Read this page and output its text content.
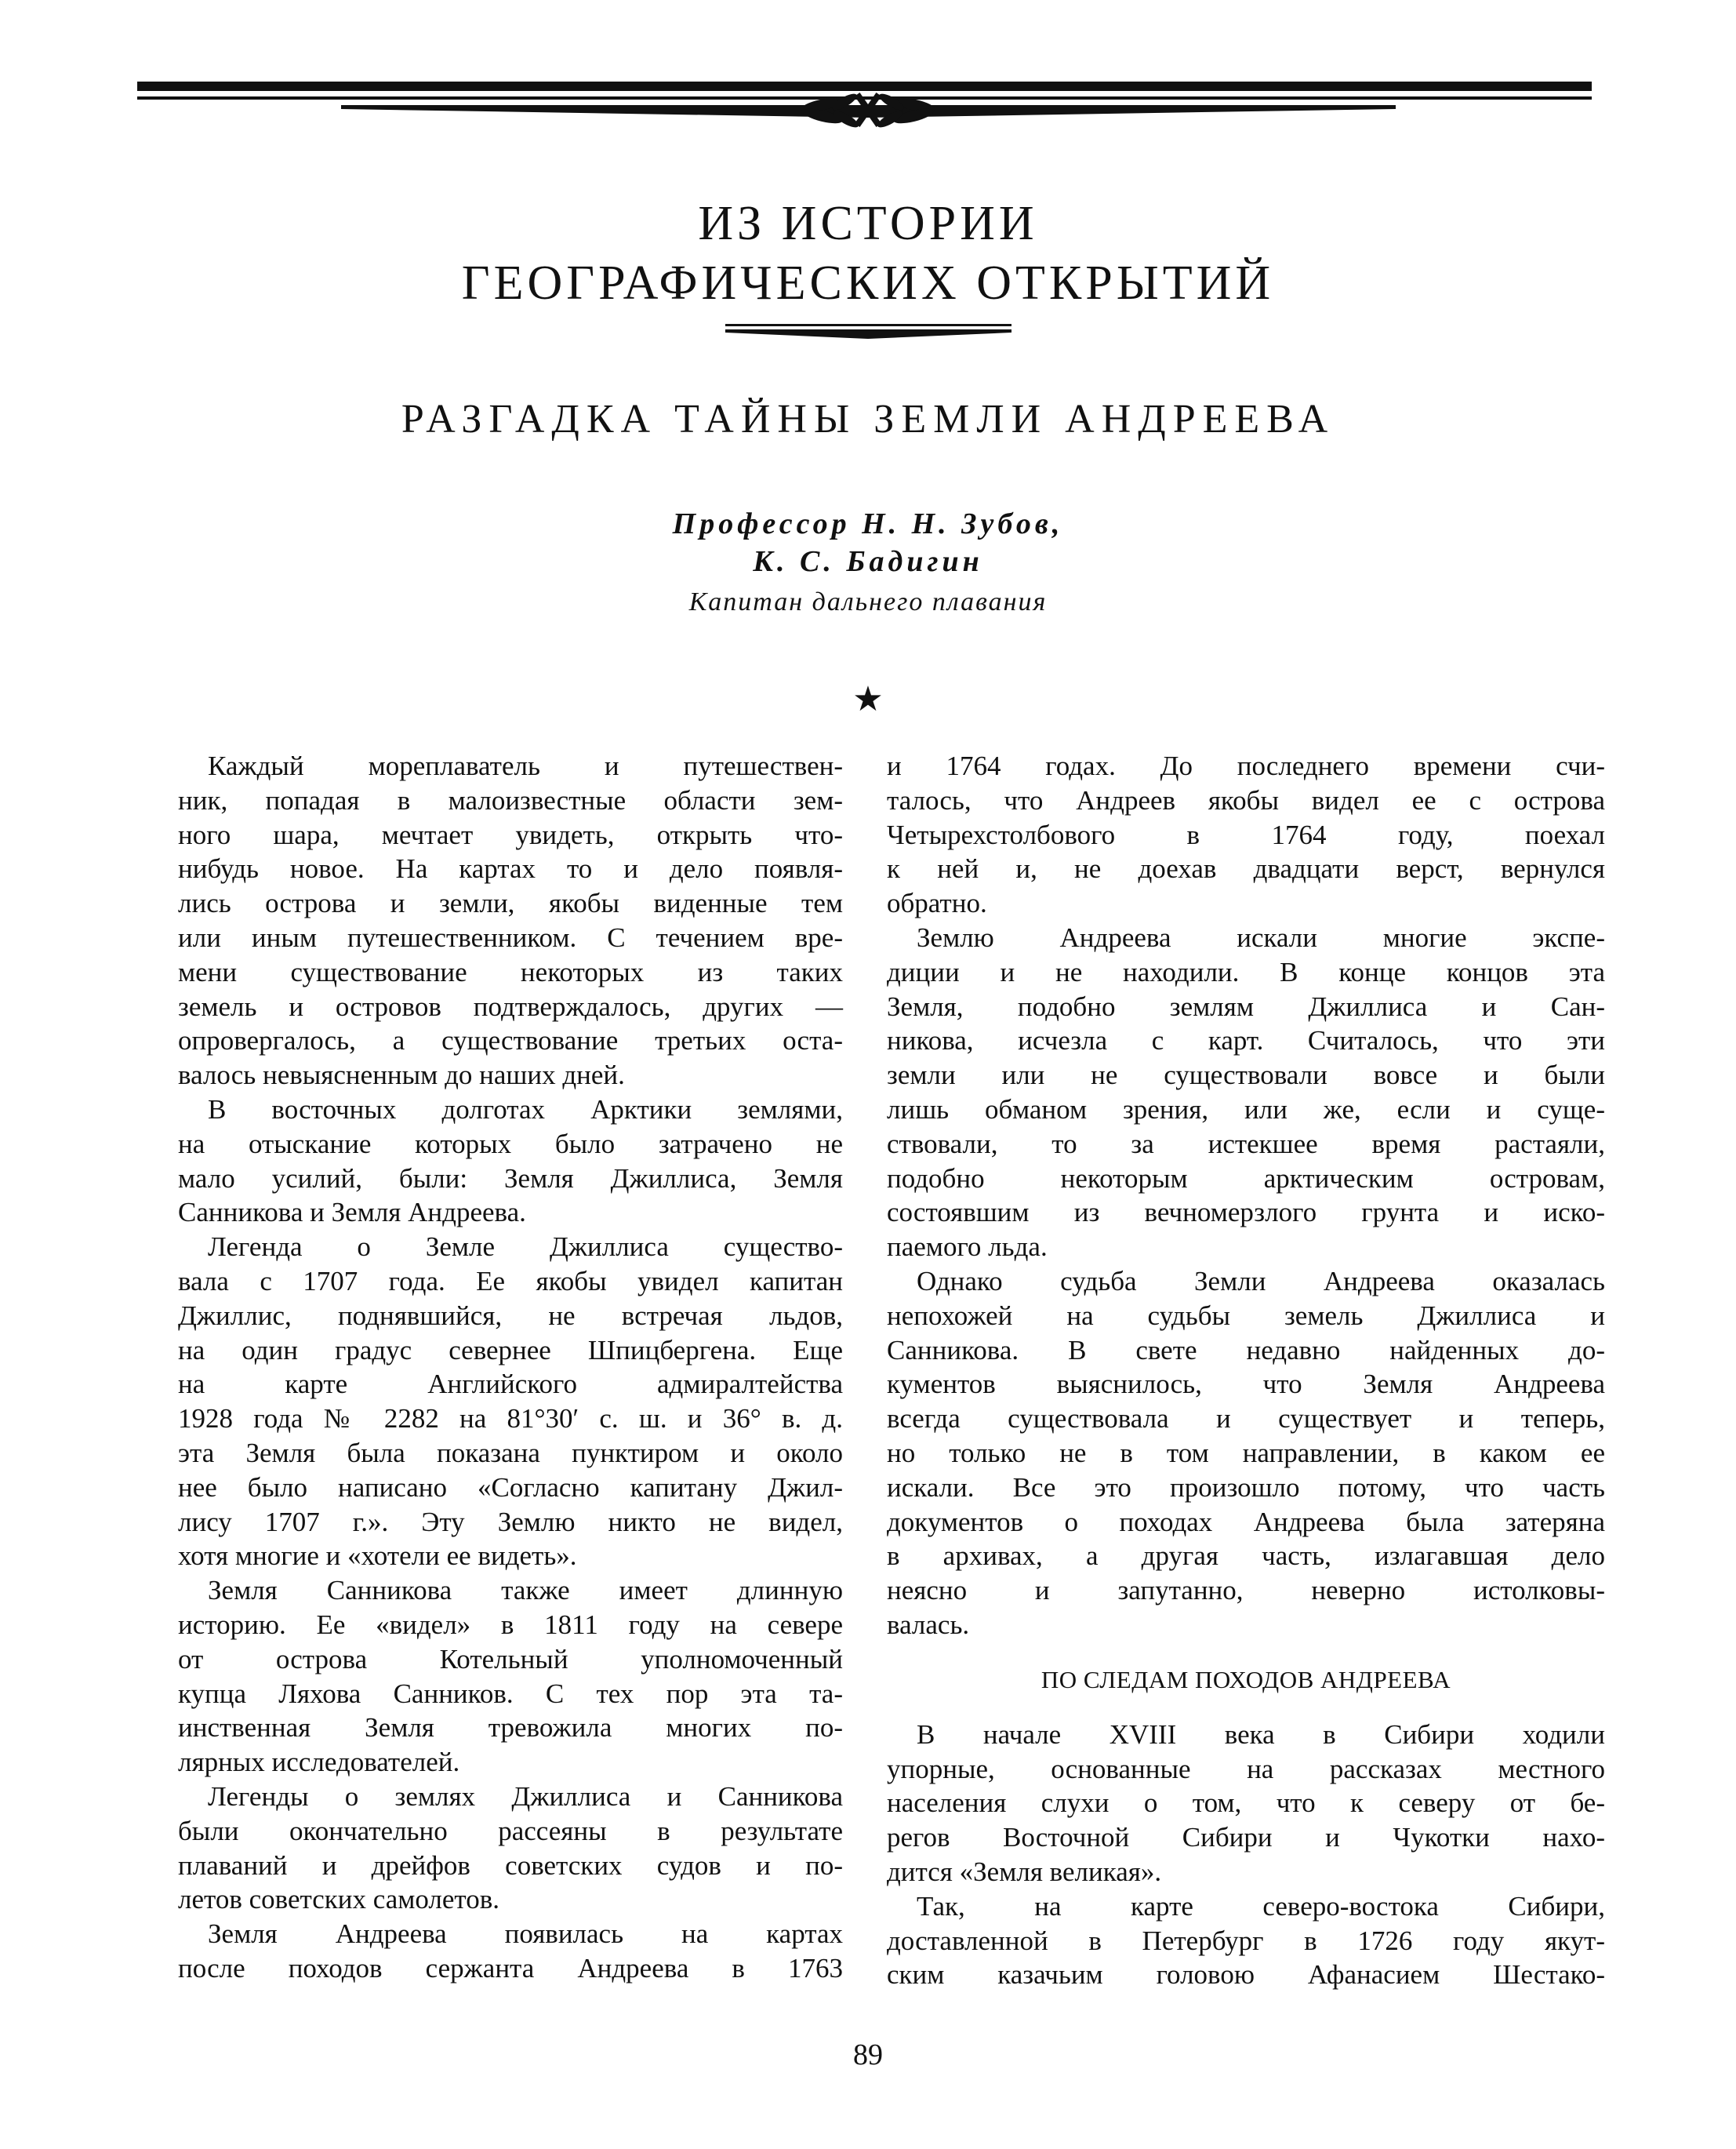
ИЗ ИСТОРИИ
ГЕОГРАФИЧЕСКИХ ОТКРЫТИЙ
РАЗГАДКА ТАЙНЫ ЗЕМЛИ АНДРЕЕВА
Профессор Н. Н. Зубов,
К. С. Бадигин
Капитан дальнего плавания
★
Каждый мореплаватель и путешествен-
ник, попадая в малоизвестные области зем-
ного шара, мечтает увидеть, открыть что-
нибудь новое. На картах то и дело появля-
лись острова и земли, якобы виденные тем
или иным путешественником. С течением вре-
мени существование некоторых из таких
земель и островов подтверждалось, других —
опровергалось, а существование третьих оста-
валось невыясненным до наших дней.
В восточных долготах Арктики землями,
на отыскание которых было затрачено не
мало усилий, были: Земля Джиллиса, Земля
Санникова и Земля Андреева.
Легенда о Земле Джиллиса существо-
вала с 1707 года. Ее якобы увидел капитан
Джиллис, поднявшийся, не встречая льдов,
на один градус севернее Шпицбергена. Еще
на карте Английского адмиралтейства
1928 года № 2282 на 81°30′ с. ш. и 36° в. д.
эта Земля была показана пунктиром и около
нее было написано «Согласно капитану Джил-
лису 1707 г.». Эту Землю никто не видел,
хотя многие и «хотели ее видеть».
Земля Санникова также имеет длинную
историю. Ее «видел» в 1811 году на севере
от острова Котельный уполномоченный
купца Ляхова Санников. С тех пор эта та-
инственная Земля тревожила многих по-
лярных исследователей.
Легенды о землях Джиллиса и Санникова
были окончательно рассеяны в результате
плаваний и дрейфов советских судов и по-
летов советских самолетов.
Земля Андреева появилась на картах
после походов сержанта Андреева в 1763
и 1764 годах. До последнего времени счи-
талось, что Андреев якобы видел ее с острова
Четырехстолбового в 1764 году, поехал
к ней и, не доехав двадцати верст, вернулся
обратно.
Землю Андреева искали многие экспе-
диции и не находили. В конце концов эта
Земля, подобно землям Джиллиса и Сан-
никова, исчезла с карт. Считалось, что эти
земли или не существовали вовсе и были
лишь обманом зрения, или же, если и суще-
ствовали, то за истекшее время растаяли,
подобно некоторым арктическим островам,
состоявшим из вечномерзлого грунта и иско-
паемого льда.
Однако судьба Земли Андреева оказалась
непохожей на судьбы земель Джиллиса и
Санникова. В свете недавно найденных до-
кументов выяснилось, что Земля Андреева
всегда существовала и существует и теперь,
но только не в том направлении, в каком ее
искали. Все это произошло потому, что часть
документов о походах Андреева была затеряна
в архивах, а другая часть, излагавшая дело
неясно и запутанно, неверно истолковы-
валась.
ПО СЛЕДАМ ПОХОДОВ АНДРЕЕВА
В начале XVIII века в Сибири ходили
упорные, основанные на рассказах местного
населения слухи о том, что к северу от бе-
регов Восточной Сибири и Чукотки нахо-
дится «Земля великая».
Так, на карте северо-востока Сибири,
доставленной в Петербург в 1726 году якут-
ским казачьим головою Афанасием Шестако-
89
